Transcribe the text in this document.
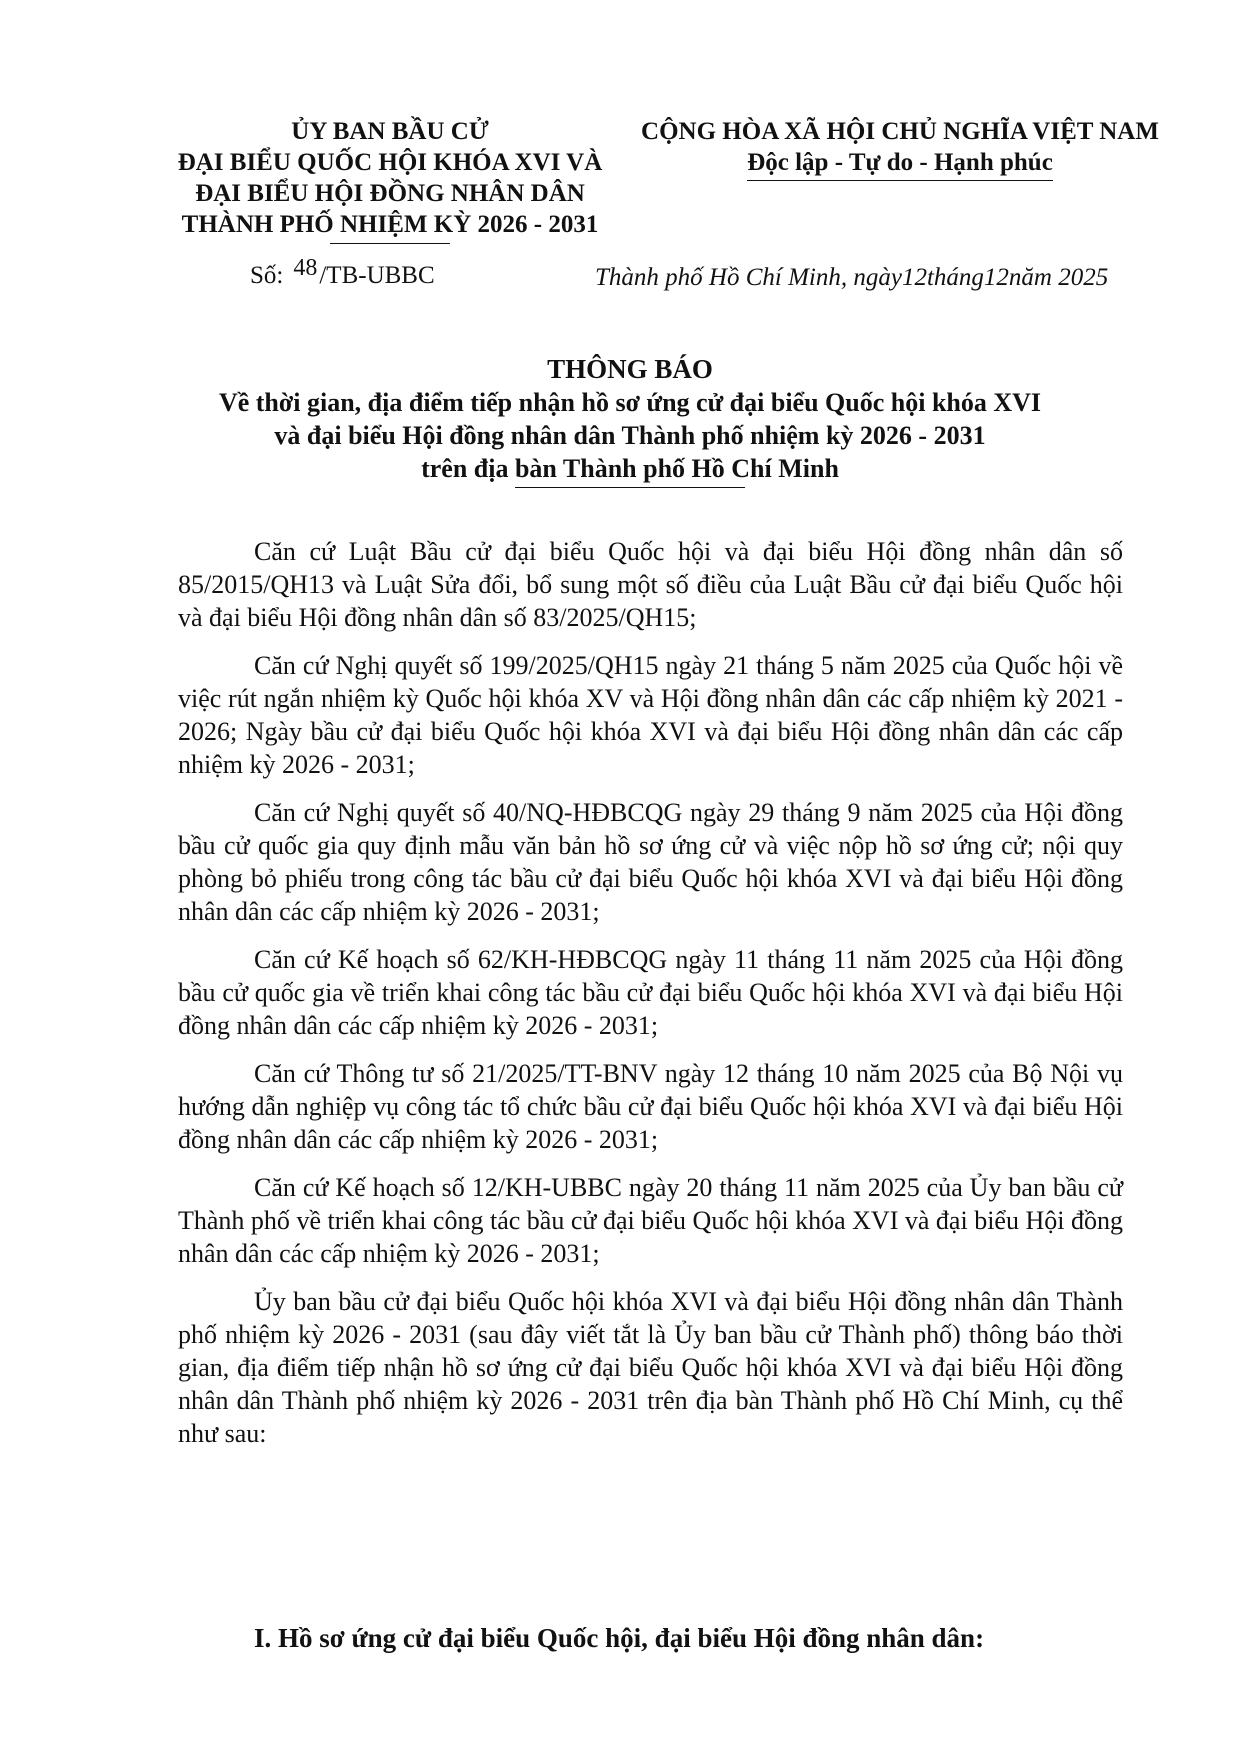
ỦY BAN BẦU CỬ
ĐẠI BIỂU QUỐC HỘI KHÓA XVI VÀ
ĐẠI BIỂU HỘI ĐỒNG NHÂN DÂN
THÀNH PHỐ NHIỆM KỲ 2026 - 2031
CỘNG HÒA XÃ HỘI CHỦ NGHĨA VIỆT NAM
Độc lập - Tự do - Hạnh phúc
Số: 48/TB-UBBC	Thành phố Hồ Chí Minh, ngày12tháng12năm 2025
THÔNG BÁO
Về thời gian, địa điểm tiếp nhận hồ sơ ứng cử đại biểu Quốc hội khóa XVI
và đại biểu Hội đồng nhân dân Thành phố nhiệm kỳ 2026 - 2031
trên địa bàn Thành phố Hồ Chí Minh

Căn cứ Luật Bầu cử đại biểu Quốc hội và đại biểu Hội đồng nhân dân số 85/2015/QH13 và Luật Sửa đổi, bổ sung một số điều của Luật Bầu cử đại biểu Quốc hội và đại biểu Hội đồng nhân dân số 83/2025/QH15;

Căn cứ Nghị quyết số 199/2025/QH15 ngày 21 tháng 5 năm 2025 của Quốc hội về việc rút ngắn nhiệm kỳ Quốc hội khóa XV và Hội đồng nhân dân các cấp nhiệm kỳ 2021 - 2026; Ngày bầu cử đại biểu Quốc hội khóa XVI và đại biểu Hội đồng nhân dân các cấp nhiệm kỳ 2026 - 2031;

Căn cứ Nghị quyết số 40/NQ-HĐBCQG ngày 29 tháng 9 năm 2025 của Hội đồng bầu cử quốc gia quy định mẫu văn bản hồ sơ ứng cử và việc nộp hồ sơ ứng cử; nội quy phòng bỏ phiếu trong công tác bầu cử đại biểu Quốc hội khóa XVI và đại biểu Hội đồng nhân dân các cấp nhiệm kỳ 2026 - 2031;

Căn cứ Kế hoạch số 62/KH-HĐBCQG ngày 11 tháng 11 năm 2025 của Hội đồng bầu cử quốc gia về triển khai công tác bầu cử đại biểu Quốc hội khóa XVI và đại biểu Hội đồng nhân dân các cấp nhiệm kỳ 2026 - 2031;

Căn cứ Thông tư số 21/2025/TT-BNV ngày 12 tháng 10 năm 2025 của Bộ Nội vụ hướng dẫn nghiệp vụ công tác tổ chức bầu cử đại biểu Quốc hội khóa XVI và đại biểu Hội đồng nhân dân các cấp nhiệm kỳ 2026 - 2031;

Căn cứ Kế hoạch số 12/KH-UBBC ngày 20 tháng 11 năm 2025 của Ủy ban bầu cử Thành phố về triển khai công tác bầu cử đại biểu Quốc hội khóa XVI và đại biểu Hội đồng nhân dân các cấp nhiệm kỳ 2026 - 2031;

Ủy ban bầu cử đại biểu Quốc hội khóa XVI và đại biểu Hội đồng nhân dân Thành phố nhiệm kỳ 2026 - 2031 (sau đây viết tắt là Ủy ban bầu cử Thành phố) thông báo thời gian, địa điểm tiếp nhận hồ sơ ứng cử đại biểu Quốc hội khóa XVI và đại biểu Hội đồng nhân dân Thành phố nhiệm kỳ 2026 - 2031 trên địa bàn Thành phố Hồ Chí Minh, cụ thể như sau:

I. Hồ sơ ứng cử đại biểu Quốc hội, đại biểu Hội đồng nhân dân:
